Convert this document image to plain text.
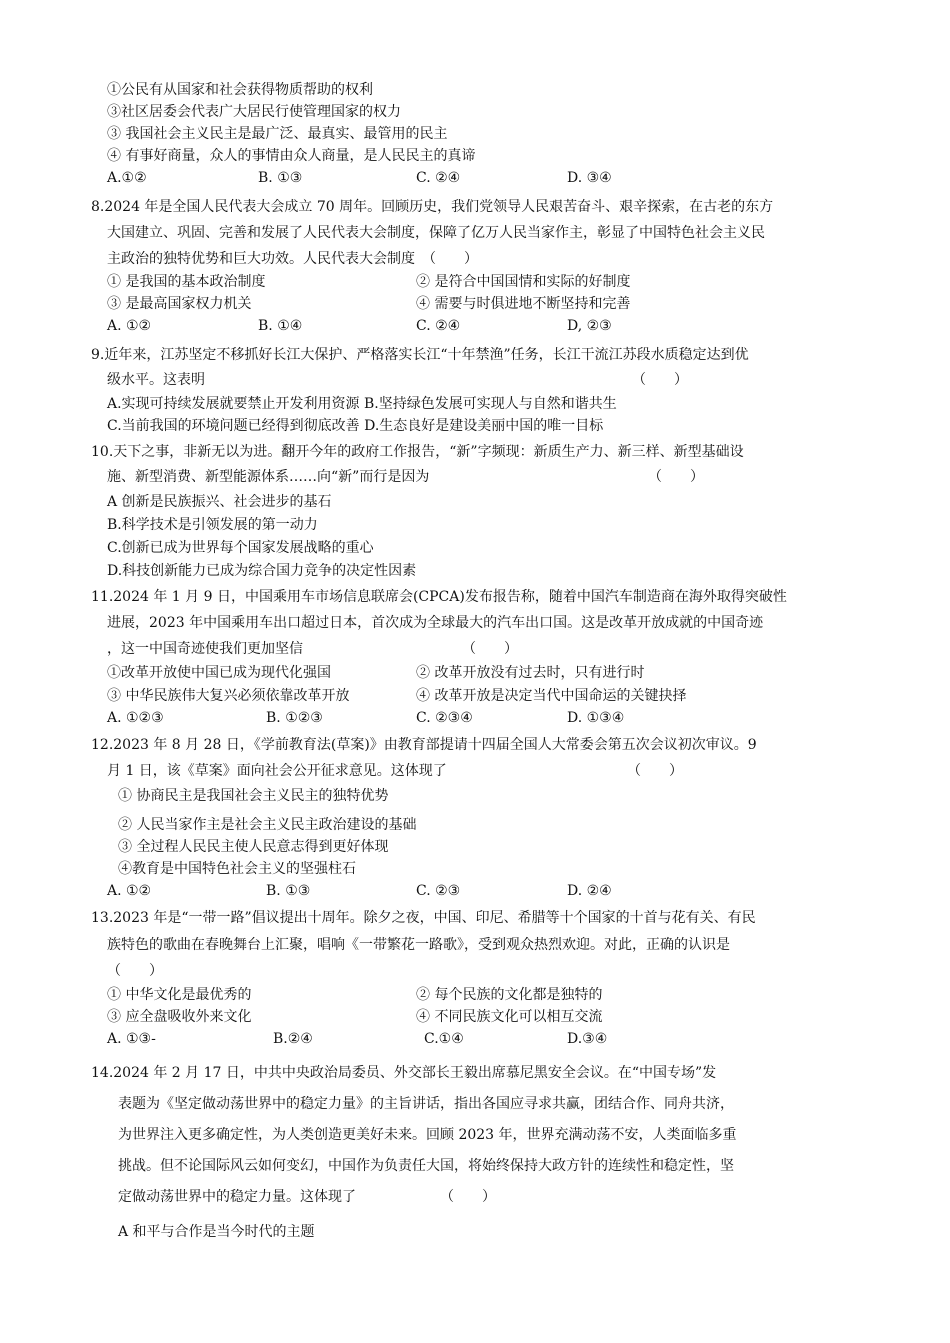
①公民有从国家和社会获得物质帮助的权利
③社区居委会代表广大居民行使管理国家的权力
③ 我国社会主义民主是最广泛、最真实、最管用的民主
④ 有事好商量，众人的事情由众人商量，是人民民主的真谛
A.①②	B. ①③	C. ②④	D. ③④
8.2024 年是全国人民代表大会成立 70 周年。回顾历史，我们党领导人民艰苦奋斗、艰辛探索，在古老的东方
大国建立、巩固、完善和发展了人民代表大会制度，保障了亿万人民当家作主，彰显了中国特色社会主义民
主政治的独特优势和巨大功效。人民代表大会制度　（　　）
① 是我国的基本政治制度	② 是符合中国国情和实际的好制度
③ 是最高国家权力机关	④ 需要与时俱进地不断坚持和完善
A. ①②	B. ①④	C. ②④	D, ②③
9.近年来，江苏坚定不移抓好长江大保护、严格落实长江“十年禁渔”任务，长江干流江苏段水质稳定达到优
级水平。这表明	（　　）
A.实现可持续发展就要禁止开发利用资源 B.坚持绿色发展可实现人与自然和谐共生
C.当前我国的环境问题已经得到彻底改善 D.生态良好是建设美丽中国的唯一目标
10.天下之事，非新无以为进。翻开今年的政府工作报告，“新”字频现：新质生产力、新三样、新型基础设
施、新型消费、新型能源体系……向“新”而行是因为	（　　）
A 创新是民族振兴、社会进步的基石
B.科学技术是引领发展的第一动力
C.创新已成为世界每个国家发展战略的重心
D.科技创新能力已成为综合国力竞争的决定性因素
11.2024 年 1 月 9 日，中国乘用车市场信息联席会(CPCA)发布报告称，随着中国汽车制造商在海外取得突破性
进展，2023 年中国乘用车出口超过日本，首次成为全球最大的汽车出口国。这是改革开放成就的中国奇迹
，这一中国奇迹使我们更加坚信	（　　）
①改革开放使中国已成为现代化强国	② 改革开放没有过去时，只有进行时
③ 中华民族伟大复兴必须依靠改革开放	④ 改革开放是决定当代中国命运的关键抉择
A. ①②③	B. ①②③	C. ②③④	D. ①③④
12.2023 年 8 月 28 日，《学前教育法(草案)》由教育部提请十四届全国人大常委会第五次会议初次审议。9
月 1 日，该《草案》面向社会公开征求意见。这体现了	（　　）
① 协商民主是我国社会主义民主的独特优势
② 人民当家作主是社会主义民主政治建设的基础
③ 全过程人民民主使人民意志得到更好体现
④教育是中国特色社会主义的坚强柱石
A. ①②	B. ①③	C. ②③	D. ②④
13.2023 年是“一带一路”倡议提出十周年。除夕之夜，中国、印尼、希腊等十个国家的十首与花有关、有民
族特色的歌曲在春晚舞台上汇聚，唱响《一带繁花一路歌》，受到观众热烈欢迎。对此，正确的认识是
（　　）
① 中华文化是最优秀的	② 每个民族的文化都是独特的
③ 应全盘吸收外来文化	④ 不同民族文化可以相互交流
A. ①③-	B.②④	C.①④	D.③④
14.2024 年 2 月 17 日，中共中央政治局委员、外交部长王毅出席慕尼黑安全会议。在“中国专场”发
表题为《坚定做动荡世界中的稳定力量》的主旨讲话，指出各国应寻求共赢，团结合作、同舟共济，
为世界注入更多确定性，为人类创造更美好未来。回顾 2023 年，世界充满动荡不安，人类面临多重
挑战。但不论国际风云如何变幻，中国作为负责任大国，将始终保持大政方针的连续性和稳定性，坚
定做动荡世界中的稳定力量。这体现了	（　　）
A 和平与合作是当今时代的主题
